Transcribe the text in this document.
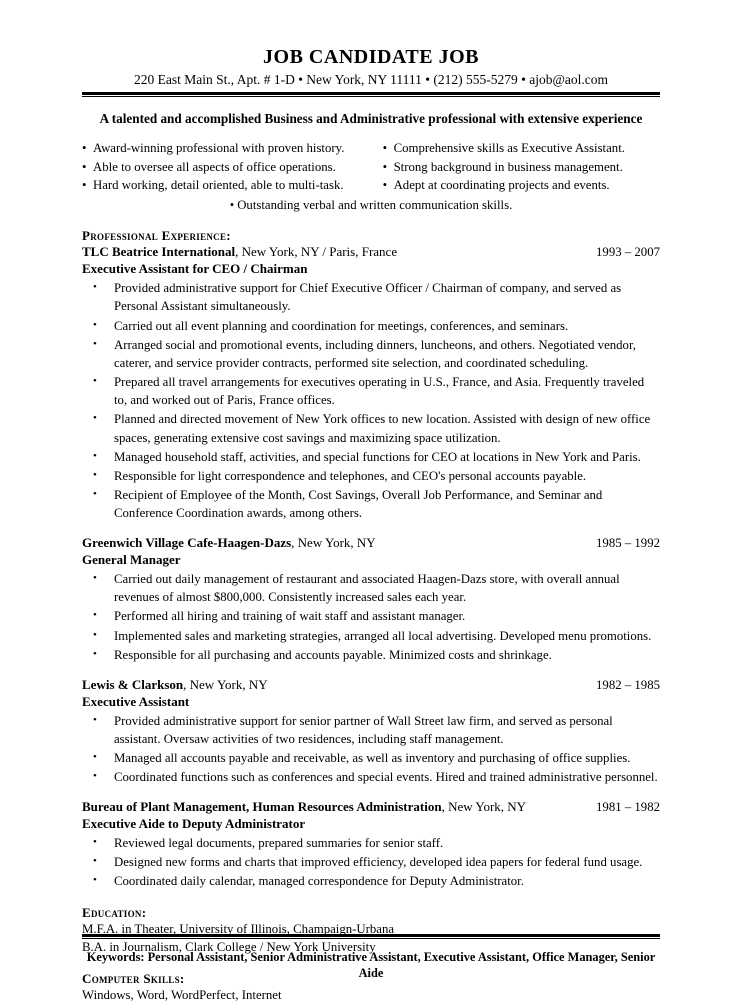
JOB CANDIDATE JOB
220 East Main St., Apt. # 1-D • New York, NY 11111 • (212) 555-5279 • ajob@aol.com
A talented and accomplished Business and Administrative professional with extensive experience
• Award-winning professional with proven history.
• Able to oversee all aspects of office operations.
• Hard working, detail oriented, able to multi-task.
• Comprehensive skills as Executive Assistant.
• Strong background in business management.
• Adept at coordinating projects and events.
• Outstanding verbal and written communication skills.
Professional Experience:
TLC Beatrice International, New York, NY / Paris, France	1993 – 2007
Executive Assistant for CEO / Chairman
•	Provided administrative support for Chief Executive Officer / Chairman of company, and served as Personal Assistant simultaneously.
•	Carried out all event planning and coordination for meetings, conferences, and seminars.
•	Arranged social and promotional events, including dinners, luncheons, and others. Negotiated vendor, caterer, and service provider contracts, performed site selection, and coordinated scheduling.
•	Prepared all travel arrangements for executives operating in U.S., France, and Asia. Frequently traveled to, and worked out of Paris, France offices.
•	Planned and directed movement of New York offices to new location. Assisted with design of new office spaces, generating extensive cost savings and maximizing space utilization.
•	Managed household staff, activities, and special functions for CEO at locations in New York and Paris.
•	Responsible for light correspondence and telephones, and CEO's personal accounts payable.
•	Recipient of Employee of the Month, Cost Savings, Overall Job Performance, and Seminar and Conference Coordination awards, among others.
Greenwich Village Cafe-Haagen-Dazs, New York, NY	1985 – 1992
General Manager
•	Carried out daily management of restaurant and associated Haagen-Dazs store, with overall annual revenues of almost $800,000. Consistently increased sales each year.
•	Performed all hiring and training of wait staff and assistant manager.
•	Implemented sales and marketing strategies, arranged all local advertising. Developed menu promotions.
•	Responsible for all purchasing and accounts payable. Minimized costs and shrinkage.
Lewis & Clarkson, New York, NY	1982 – 1985
Executive Assistant
•	Provided administrative support for senior partner of Wall Street law firm, and served as personal assistant. Oversaw activities of two residences, including staff management.
•	Managed all accounts payable and receivable, as well as inventory and purchasing of office supplies.
•	Coordinated functions such as conferences and special events. Hired and trained administrative personnel.
Bureau of Plant Management, Human Resources Administration, New York, NY	1981 – 1982
Executive Aide to Deputy Administrator
•	Reviewed legal documents, prepared summaries for senior staff.
•	Designed new forms and charts that improved efficiency, developed idea papers for federal fund usage.
•	Coordinated daily calendar, managed correspondence for Deputy Administrator.
Education:
M.F.A. in Theater, University of Illinois, Champaign-Urbana
B.A. in Journalism, Clark College / New York University
Computer Skills:
Windows, Word, WordPerfect, Internet
Keywords: Personal Assistant, Senior Administrative Assistant, Executive Assistant, Office Manager, Senior Aide
